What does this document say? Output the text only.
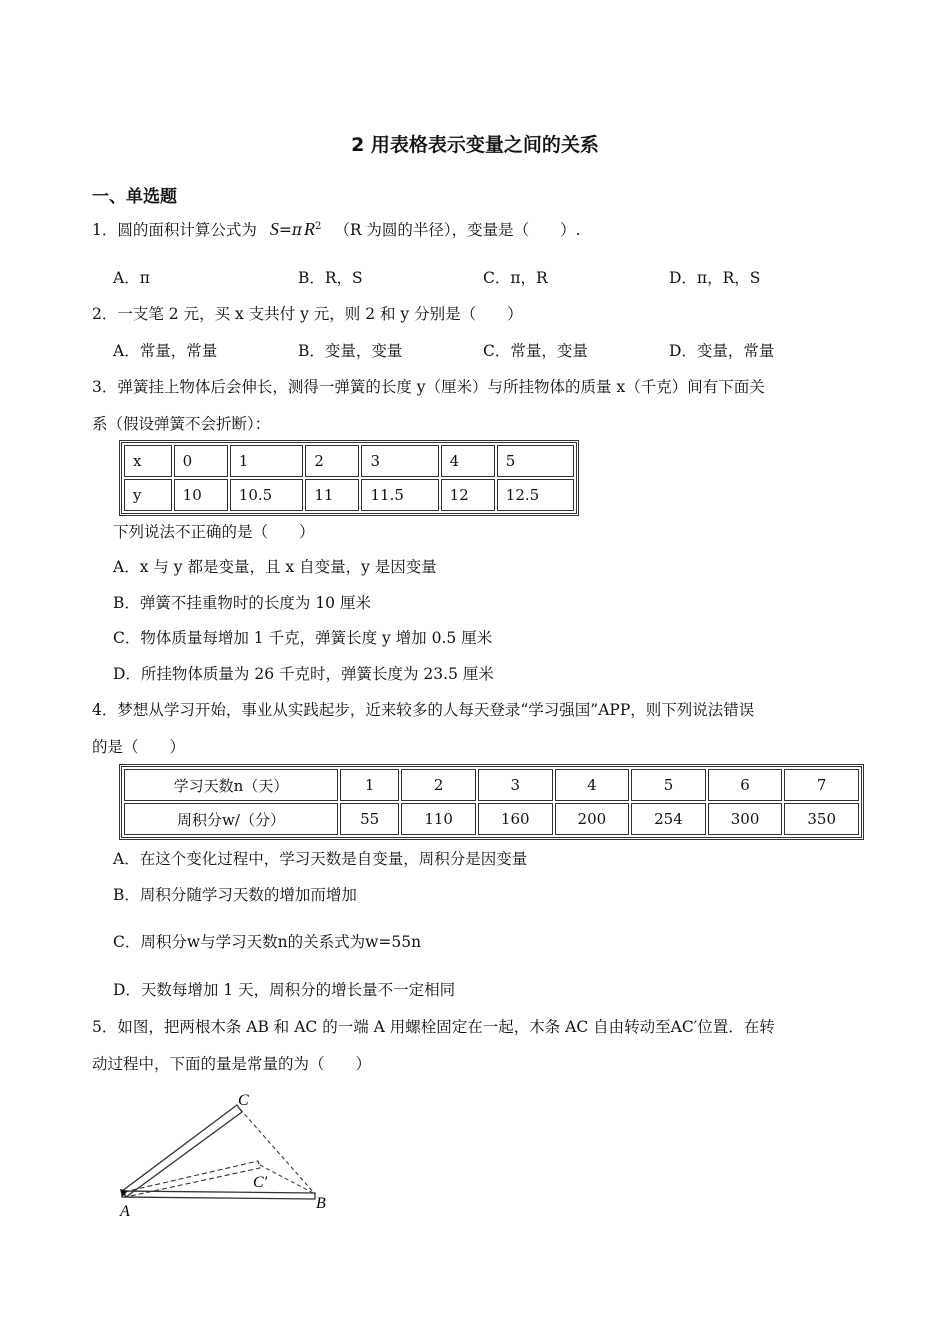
2 用表格表示变量之间的关系
一、单选题
1．圆的面积计算公式为 S=π $R^2$ （R 为圆的半径），变量是（　　）.
A．π	B．R，S	C．π，R	D．π，R，S
2．一支笔 2 元，买 x 支共付 y 元，则 2 和 y 分别是（　　）
A．常量，常量	B．变量，变量	C．常量，变量	D．变量，常量
3．弹簧挂上物体后会伸长，测得一弹簧的长度 y（厘米）与所挂物体的质量 x（千克）间有下面关
系（假设弹簧不会折断）：
x	0	1	2	3	4	5
y	10	10.5	11	11.5	12	12.5
下列说法不正确的是（　　）
A．x 与 y 都是变量，且 x 自变量，y 是因变量
B．弹簧不挂重物时的长度为 10 厘米
C．物体质量每增加 1 千克，弹簧长度 y 增加 0.5 厘米
D．所挂物体质量为 26 千克时，弹簧长度为 23.5 厘米
4．梦想从学习开始，事业从实践起步，近来较多的人每天登录“学习强国”APP，则下列说法错误
的是（　　）
学习天数n（天）	1	2	3	4	5	6	7
周积分w/（分）	55	110	160	200	254	300	350
A．在这个变化过程中，学习天数是自变量，周积分是因变量
B．周积分随学习天数的增加而增加
C．周积分w与学习天数n的关系式为w=55n
D．天数每增加 1 天，周积分的增长量不一定相同
5．如图，把两根木条 AB 和 AC 的一端 A 用螺栓固定在一起，木条 AC 自由转动至AC′位置．在转
动过程中，下面的量是常量的为（　　）
C
C′
A	B
